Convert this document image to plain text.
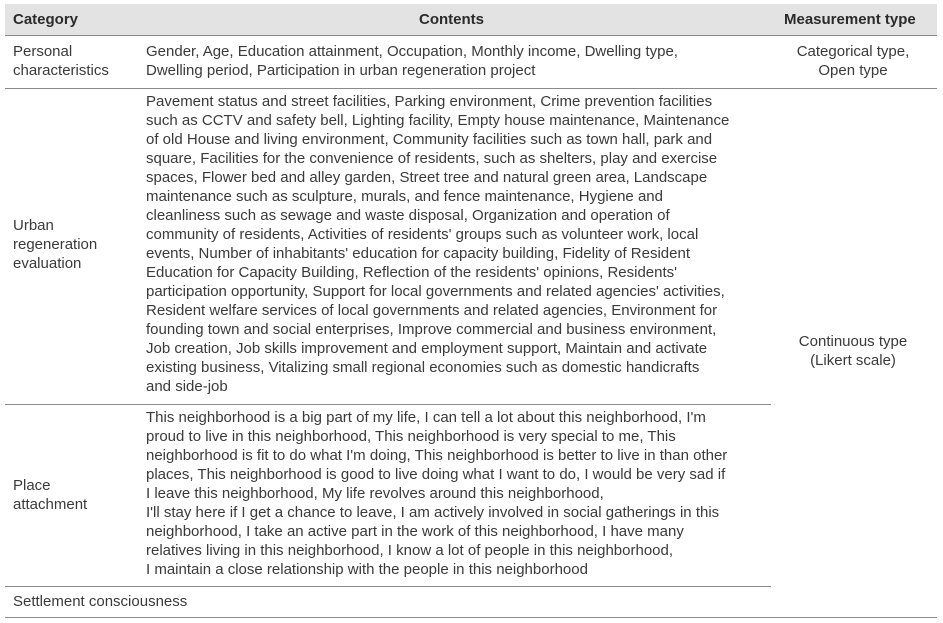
Category	Contents	Measurement type
Personal
characteristics
Gender, Age, Education attainment, Occupation, Monthly income, Dwelling type,
Dwelling period, Participation in urban regeneration project
Categorical type,
Open type
Urban
regeneration
evaluation
Pavement status and street facilities, Parking environment, Crime prevention facilities
such as CCTV and safety bell, Lighting facility, Empty house maintenance, Maintenance
of old House and living environment, Community facilities such as town hall, park and
square, Facilities for the convenience of residents, such as shelters, play and exercise
spaces, Flower bed and alley garden, Street tree and natural green area, Landscape
maintenance such as sculpture, murals, and fence maintenance, Hygiene and
cleanliness such as sewage and waste disposal, Organization and operation of
community of residents, Activities of residents' groups such as volunteer work, local
events, Number of inhabitants' education for capacity building, Fidelity of Resident
Education for Capacity Building, Reflection of the residents' opinions, Residents'
participation opportunity, Support for local governments and related agencies' activities,
Resident welfare services of local governments and related agencies, Environment for
founding town and social enterprises, Improve commercial and business environment,
Job creation, Job skills improvement and employment support, Maintain and activate
existing business, Vitalizing small regional economies such as domestic handicrafts
and side-job
Place
attachment
This neighborhood is a big part of my life, I can tell a lot about this neighborhood, I'm
proud to live in this neighborhood, This neighborhood is very special to me, This
neighborhood is fit to do what I'm doing, This neighborhood is better to live in than other
places, This neighborhood is good to live doing what I want to do, I would be very sad if
I leave this neighborhood, My life revolves around this neighborhood,
I'll stay here if I get a chance to leave, I am actively involved in social gatherings in this
neighborhood, I take an active part in the work of this neighborhood, I have many
relatives living in this neighborhood, I know a lot of people in this neighborhood,
I maintain a close relationship with the people in this neighborhood
Settlement consciousness
Continuous type
(Likert scale)
